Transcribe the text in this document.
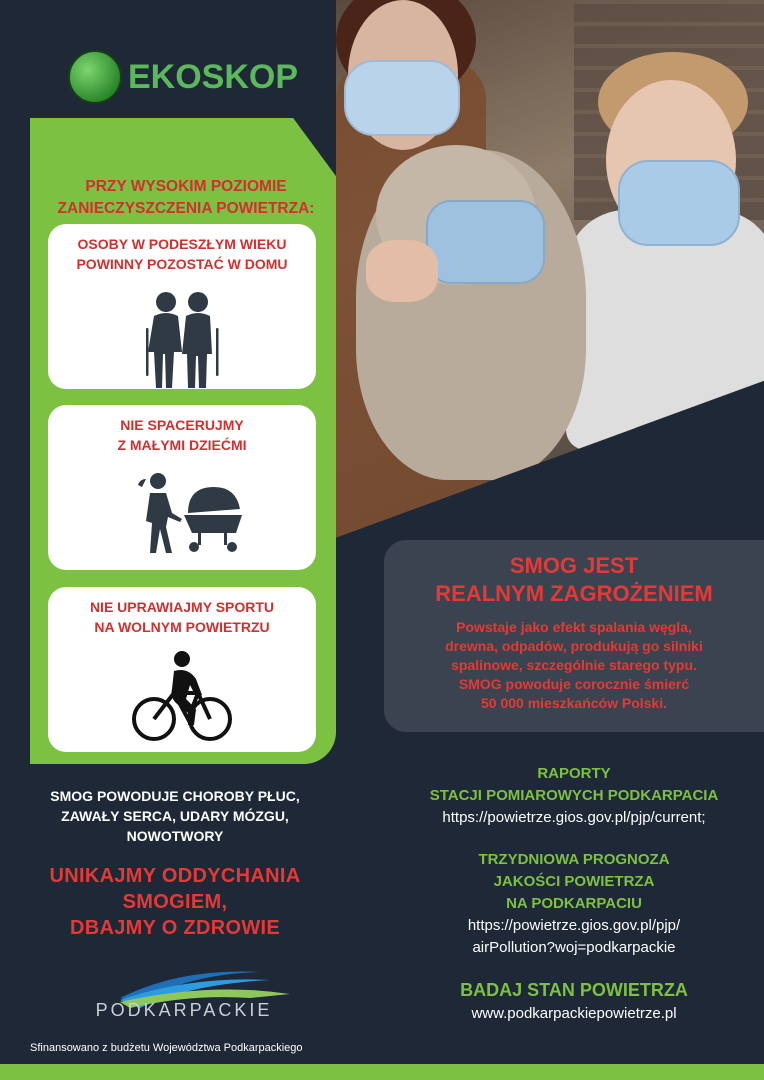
EKOSKOP
PRZY WYSOKIM POZIOMIE
ZANIECZYSZCZENIA POWIETRZA:
OSOBY W PODESZŁYM WIEKU
POWINNY POZOSTAĆ W DOMU
NIE SPACERUJMY
Z MAŁYMI DZIEĆMI
NIE UPRAWIAJMY SPORTU
NA WOLNYM POWIETRZU
SMOG JEST
REALNYM ZAGROŻENIEM
Powstaje jako efekt spalania węgla,
drewna, odpadów, produkują go silniki
spalinowe, szczególnie starego typu.
SMOG powoduje corocznie śmierć
50 000 mieszkańców Polski.
SMOG POWODUJE CHOROBY PŁUC,
ZAWAŁY SERCA, UDARY MÓZGU,
NOWOTWORY
UNIKAJMY ODDYCHANIA
SMOGIEM,
DBAJMY O ZDROWIE
RAPORTY
STACJI POMIAROWYCH PODKARPACIA
https://powietrze.gios.gov.pl/pjp/current;
TRZYDNIOWA PROGNOZA
JAKOŚCI POWIETRZA
NA PODKARPACIU
https://powietrze.gios.gov.pl/pjp/
airPollution?woj=podkarpackie
BADAJ STAN POWIETRZA
www.podkarpackiepowietrze.pl
PODKARPACKIE
Sfinansowano z budżetu Województwa Podkarpackiego
